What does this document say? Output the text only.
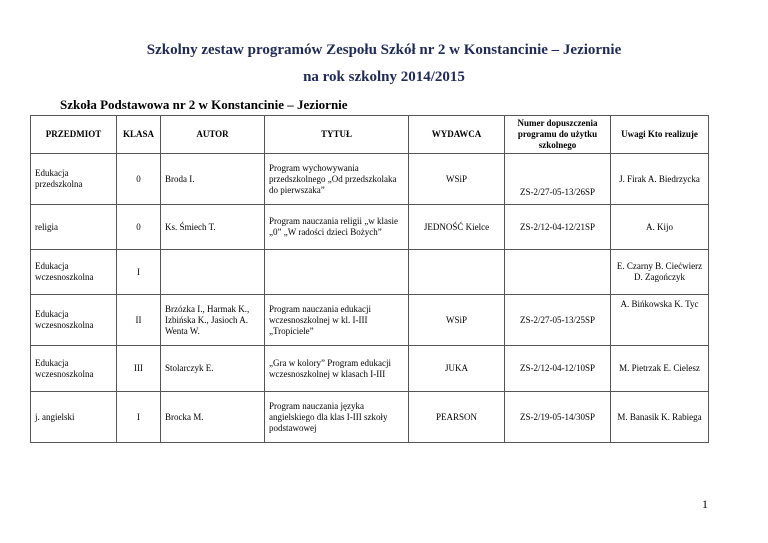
Szkolny zestaw programów Zespołu Szkół nr 2 w Konstancinie – Jeziornie
na rok szkolny 2014/2015
Szkoła Podstawowa nr 2 w Konstancinie – Jeziornie
PRZEDMIOT	KLASA	AUTOR	TYTUŁ	WYDAWCA	Numer dopuszczenia programu do użytku szkolnego	Uwagi Kto realizuje
Edukacja przedszkolna	0	Broda I.	Program wychowywania przedszkolnego „Od przedszkolaka do pierwszaka”	WSiP	ZS-2/27-05-13/26SP	J. Firak A. Biedrzycka
religia	0	Ks. Śmiech T.	Program nauczania religii „w klasie „0” „W radości dzieci Bożych”	JEDNOŚĆ Kielce	ZS-2/12-04-12/21SP	A. Kijo
Edukacja wczesnoszkolna	I					E. Czarny B. Ciećwierz D. Zagończyk
Edukacja wczesnoszkolna	II	Brzózka I., Harmak K., Izbińska K., Jasioch A. Wenta W.	Program nauczania edukacji wczesnoszkolnej w kl. I-III „Tropiciele”	WSiP	ZS-2/27-05-13/25SP	A. Bińkowska K. Tyc
Edukacja wczesnoszkolna	III	Stolarczyk E.	„Gra w kolory” Program edukacji wczesnoszkolnej w klasach I-III	JUKA	ZS-2/12-04-12/10SP	M. Pietrzak E. Cielesz
j. angielski	I	Brocka M.	Program nauczania języka angielskiego dla klas I-III szkoły podstawowej	PEARSON	ZS-2/19-05-14/30SP	M. Banasik K. Rabiega
1
